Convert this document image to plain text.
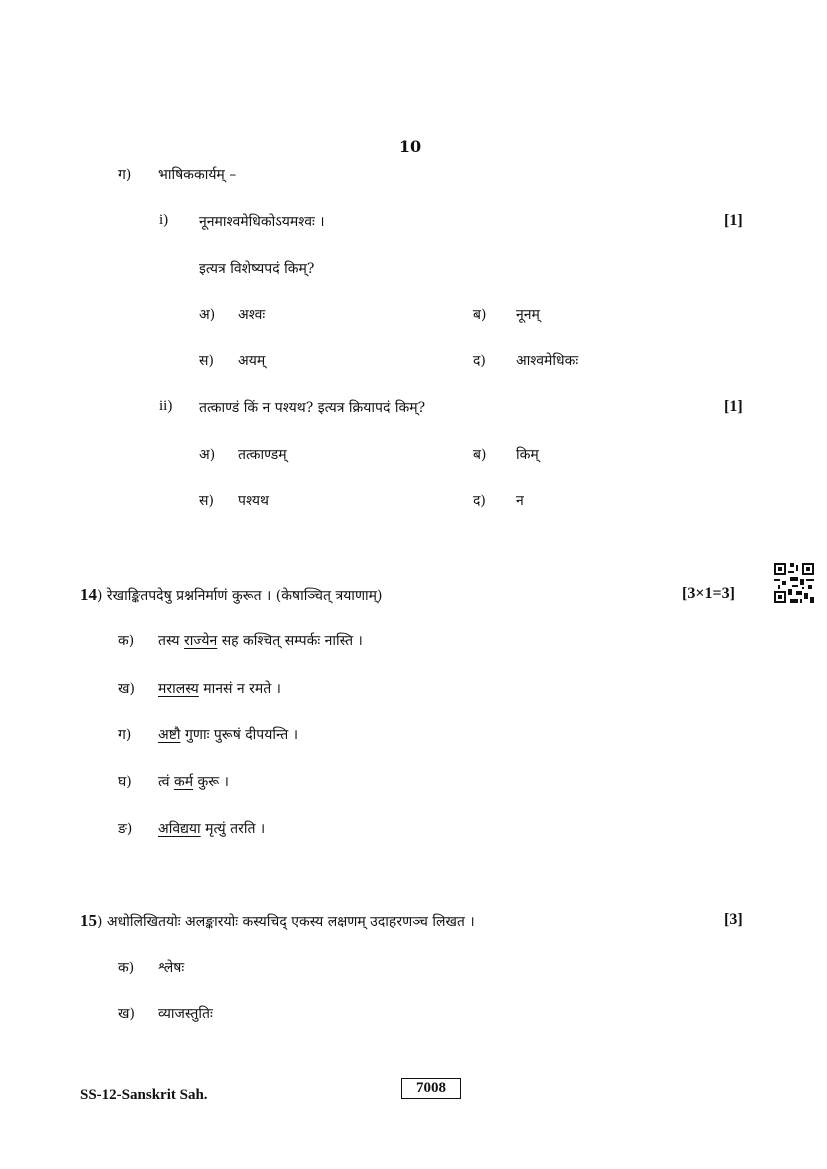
10
ग) भाषिककार्यम् –
i) नूनमाश्वमेधिकोऽयमश्वः ।	[1]
इत्यत्र विशेष्यपदं किम्?
अ) अश्वः	ब) नूनम्
स) अयम्	द) आश्वमेधिकः
ii) तत्काण्डं किं न पश्यथ? इत्यत्र क्रियापदं किम्?	[1]
अ) तत्काण्डम्	ब) किम्
स) पश्यथ	द) न
14) रेखाङ्कितपदेषु प्रश्ननिर्माणं कुरूत । (केषाञ्चित् त्रयाणाम्)	[3×1=3]
क) तस्य राज्येन सह कश्चित् सम्पर्कः नास्ति ।
ख) मरालस्य मानसं न रमते ।
ग) अष्टौ गुणाः पुरूषं दीपयन्ति ।
घ) त्वं कर्म कुरू ।
ङ) अविद्यया मृत्युं तरति ।
15) अधोलिखितयोः अलङ्कारयोः कस्यचिद् एकस्य लक्षणम् उदाहरणञ्च लिखत ।	[3]
क) श्लेषः
ख) व्याजस्तुतिः
SS-12-Sanskrit Sah.	7008
